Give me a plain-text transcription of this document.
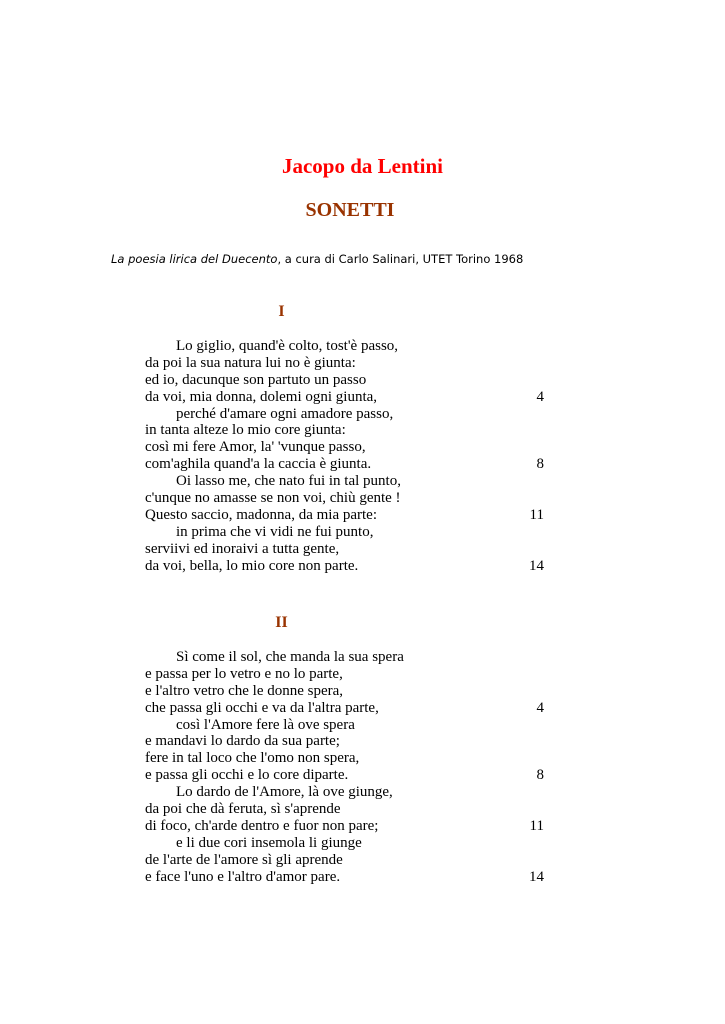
Jacopo da Lentini
SONETTI

La poesia lirica del Duecento, a cura di Carlo Salinari, UTET Torino 1968

I
Lo giglio, quand'è colto, tost'è passo,
da poi la sua natura lui no è giunta:
ed io, dacunque son partuto un passo
da voi, mia donna, dolemi ogni giunta,	4
perché d'amare ogni amadore passo,
in tanta alteze lo mio core giunta:
così mi fere Amor, la' 'vunque passo,
com'aghila quand'a la caccia è giunta.	8
Oi lasso me, che nato fui in tal punto,
c'unque no amasse se non voi, chiù gente !
Questo saccio, madonna, da mia parte:	11
in prima che vi vidi ne fui punto,
serviivi ed inoraivi a tutta gente,
da voi, bella, lo mio core non parte.	14
II
Sì come il sol, che manda la sua spera
e passa per lo vetro e no lo parte,
e l'altro vetro che le donne spera,
che passa gli occhi e va da l'altra parte,	4
così l'Amore fere là ove spera
e mandavi lo dardo da sua parte;
fere in tal loco che l'omo non spera,
e passa gli occhi e lo core diparte.	8
Lo dardo de l'Amore, là ove giunge,
da poi che dà feruta, sì s'aprende
di foco, ch'arde dentro e fuor non pare;	11
e li due cori insemola li giunge
de l'arte de l'amore sì gli aprende
e face l'uno e l'altro d'amor pare.	14
